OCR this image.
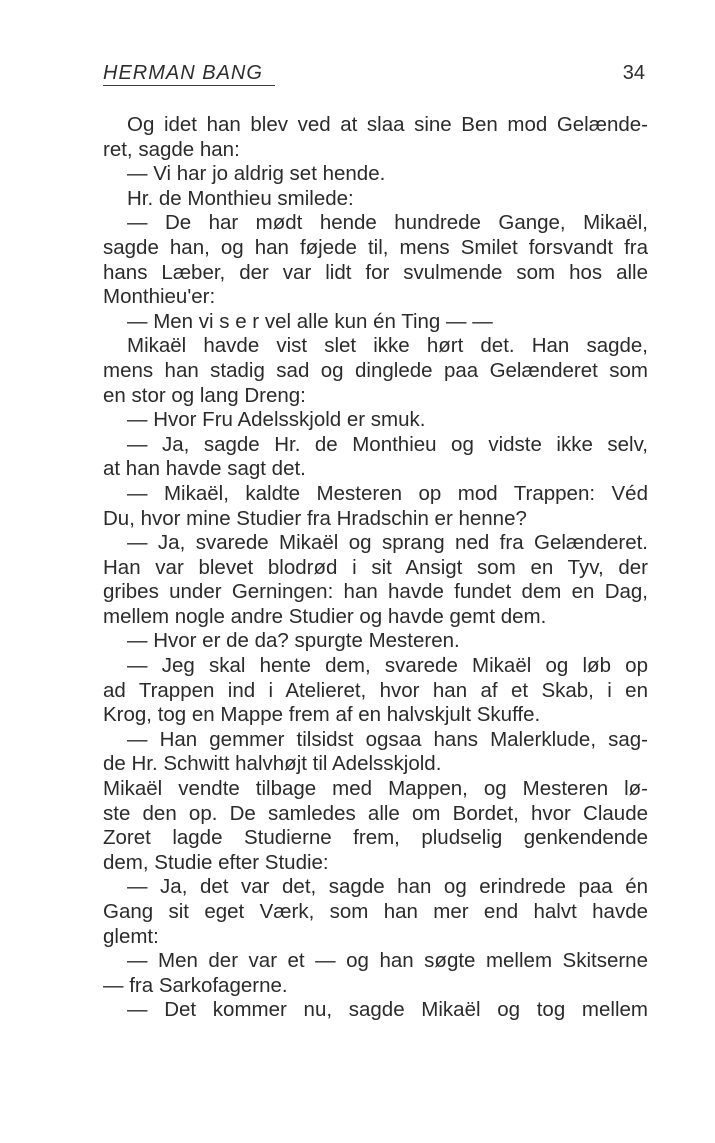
HERMAN BANG	34
Og idet han blev ved at slaa sine Ben mod Gelænde-
ret, sagde han:
— Vi har jo aldrig set hende.
Hr. de Monthieu smilede:
— De har mødt hende hundrede Gange, Mikaël,
sagde han, og han føjede til, mens Smilet forsvandt fra
hans Læber, der var lidt for svulmende som hos alle
Monthieu'er:
— Men vi s e r vel alle kun én Ting — —
Mikaël havde vist slet ikke hørt det. Han sagde,
mens han stadig sad og dinglede paa Gelænderet som
en stor og lang Dreng:
— Hvor Fru Adelsskjold er smuk.
— Ja, sagde Hr. de Monthieu og vidste ikke selv,
at han havde sagt det.
— Mikaël, kaldte Mesteren op mod Trappen: Véd
Du, hvor mine Studier fra Hradschin er henne?
— Ja, svarede Mikaël og sprang ned fra Gelænderet.
Han var blevet blodrød i sit Ansigt som en Tyv, der
gribes under Gerningen: han havde fundet dem en Dag,
mellem nogle andre Studier og havde gemt dem.
— Hvor er de da? spurgte Mesteren.
— Jeg skal hente dem, svarede Mikaël og løb op
ad Trappen ind i Atelieret, hvor han af et Skab, i en
Krog, tog en Mappe frem af en halvskjult Skuffe.
— Han gemmer tilsidst ogsaa hans Malerklude, sag-
de Hr. Schwitt halvhøjt til Adelsskjold.
Mikaël vendte tilbage med Mappen, og Mesteren lø-
ste den op. De samledes alle om Bordet, hvor Claude
Zoret lagde Studierne frem, pludselig genkendende
dem, Studie efter Studie:
— Ja, det var det, sagde han og erindrede paa én
Gang sit eget Værk, som han mer end halvt havde
glemt:
— Men der var et — og han søgte mellem Skitserne
— fra Sarkofagerne.
— Det kommer nu, sagde Mikaël og tog mellem
